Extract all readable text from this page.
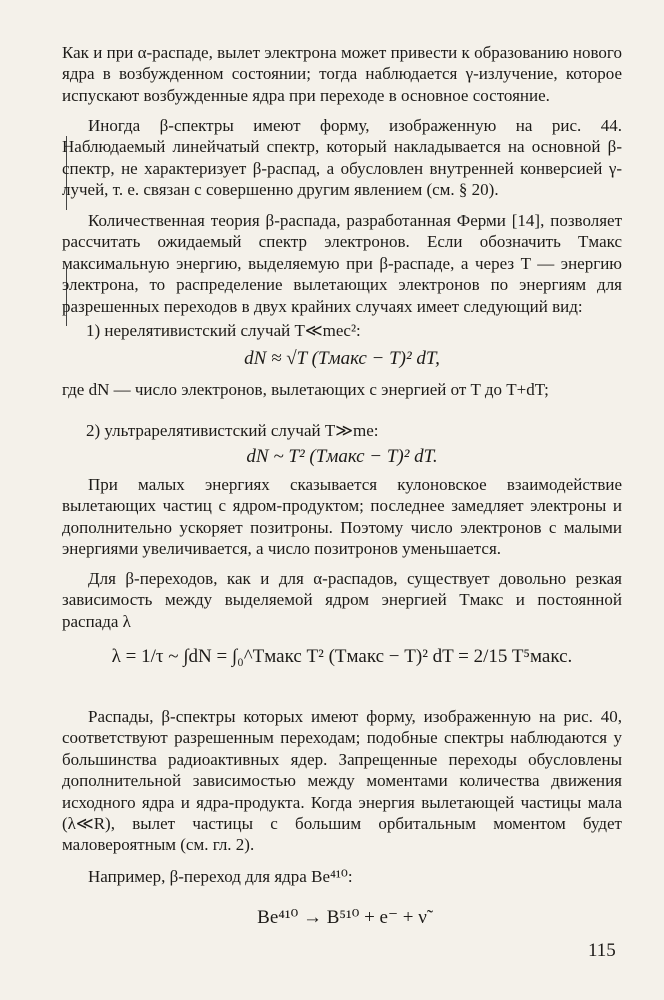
Как и при α-распаде, вылет электрона может привести к образованию нового ядра в возбужденном состоянии; тогда наблюдается γ-излучение, которое испускают возбужденные ядра при переходе в основное состояние.

Иногда β-спектры имеют форму, изображенную на рис. 44. Наблюдаемый линейчатый спектр, который накладывается на основной β-спектр, не характеризует β-распад, а обусловлен внутренней конверсией γ-лучей, т. е. связан с совершенно другим явлением (см. § 20).

Количественная теория β-распада, разработанная Ферми [14], позволяет рассчитать ожидаемый спектр электронов. Если обозначить Tмакс максимальную энергию, выделяемую при β-распаде, а через T — энергию электрона, то распределение вылетающих электронов по энергиям для разрешенных переходов в двух крайних случаях имеет следующий вид:

1) нерелятивистский случай T≪mec²:

dN ≈ √T (Tмакс − T)² dT,

где dN — число электронов, вылетающих с энергией от T до T+dT;

2) ультрарелятивистский случай T≫me:

dN ~ T² (Tмакс − T)² dT.

При малых энергиях сказывается кулоновское взаимодействие вылетающих частиц с ядром-продуктом; последнее замедляет электроны и дополнительно ускоряет позитроны. Поэтому число электронов с малыми энергиями увеличивается, а число позитронов уменьшается.

Для β-переходов, как и для α-распадов, существует довольно резкая зависимость между выделяемой ядром энергией Tмакс и постоянной распада λ

λ = 1/τ ~ ∫dN = ∫₀^Tмакс T² (Tмакс − T)² dT = 2/15 T⁵макс.

Распады, β-спектры которых имеют форму, изображенную на рис. 40, соответствуют разрешенным переходам; подобные спектры наблюдаются у большинства радиоактивных ядер. Запрещенные переходы обусловлены дополнительной зависимостью между моментами количества движения исходного ядра и ядра-продукта. Когда энергия вылетающей частицы мала (λ≪R), вылет частицы с большим орбитальным моментом будет маловероятным (см. гл. 2).

Например, β-переход для ядра Be⁴¹⁰:

Be⁴¹⁰ → B⁵¹⁰ + e⁻ + ν̃

115
